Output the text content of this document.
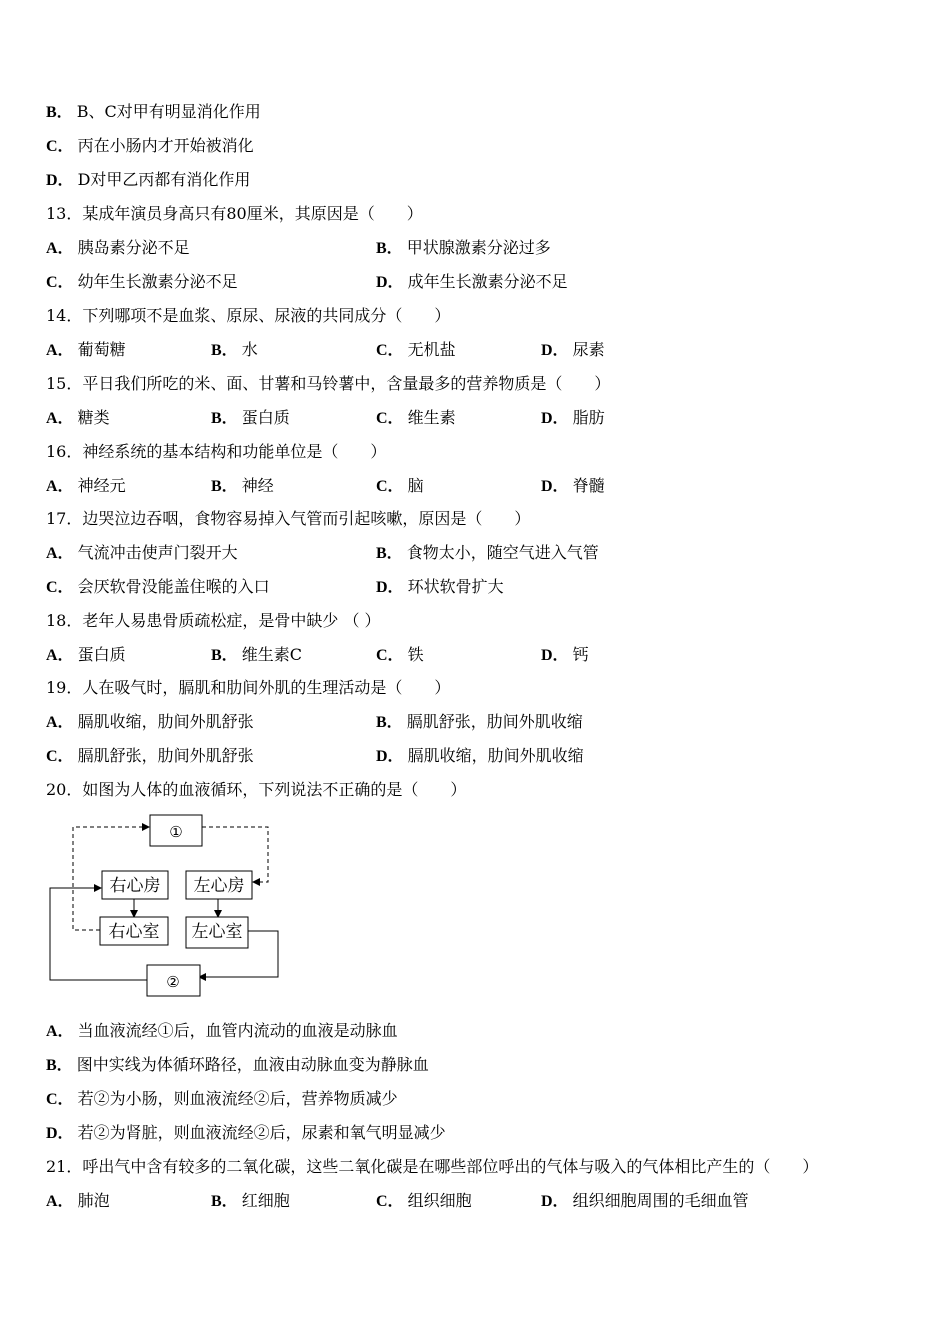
B． B、C对甲有明显消化作用
C． 丙在小肠内才开始被消化
D． D对甲乙丙都有消化作用
13．某成年演员身高只有80厘米，其原因是（　　）
A． 胰岛素分泌不足	B． 甲状腺激素分泌过多
C． 幼年生长激素分泌不足	D． 成年生长激素分泌不足
14．下列哪项不是血浆、原尿、尿液的共同成分（　　）
A． 葡萄糖	B． 水	C． 无机盐	D． 尿素
15．平日我们所吃的米、面、甘薯和马铃薯中，含量最多的营养物质是（　　）
A． 糖类	B． 蛋白质	C． 维生素	D． 脂肪
16．神经系统的基本结构和功能单位是（　　）
A． 神经元	B． 神经	C． 脑	D． 脊髓
17．边哭泣边吞咽，食物容易掉入气管而引起咳嗽，原因是（　　）
A． 气流冲击使声门裂开大	B． 食物太小，随空气进入气管
C． 会厌软骨没能盖住喉的入口	D． 环状软骨扩大
18．老年人易患骨质疏松症，是骨中缺少 （ ）
A． 蛋白质	B． 维生素C	C． 铁	D． 钙
19．人在吸气时，膈肌和肋间外肌的生理活动是（　　）
A． 膈肌收缩，肋间外肌舒张	B． 膈肌舒张，肋间外肌收缩
C． 膈肌舒张，肋间外肌舒张	D． 膈肌收缩，肋间外肌收缩
20．如图为人体的血液循环，下列说法不正确的是（　　）
①
右心房 左心房
右心室 左心室
②
A． 当血液流经①后，血管内流动的血液是动脉血
B． 图中实线为体循环路径，血液由动脉血变为静脉血
C． 若②为小肠，则血液流经②后，营养物质减少
D． 若②为肾脏，则血液流经②后，尿素和氧气明显减少
21．呼出气中含有较多的二氧化碳，这些二氧化碳是在哪些部位呼出的气体与吸入的气体相比产生的（　　）
A． 肺泡	B． 红细胞	C． 组织细胞	D． 组织细胞周围的毛细血管
